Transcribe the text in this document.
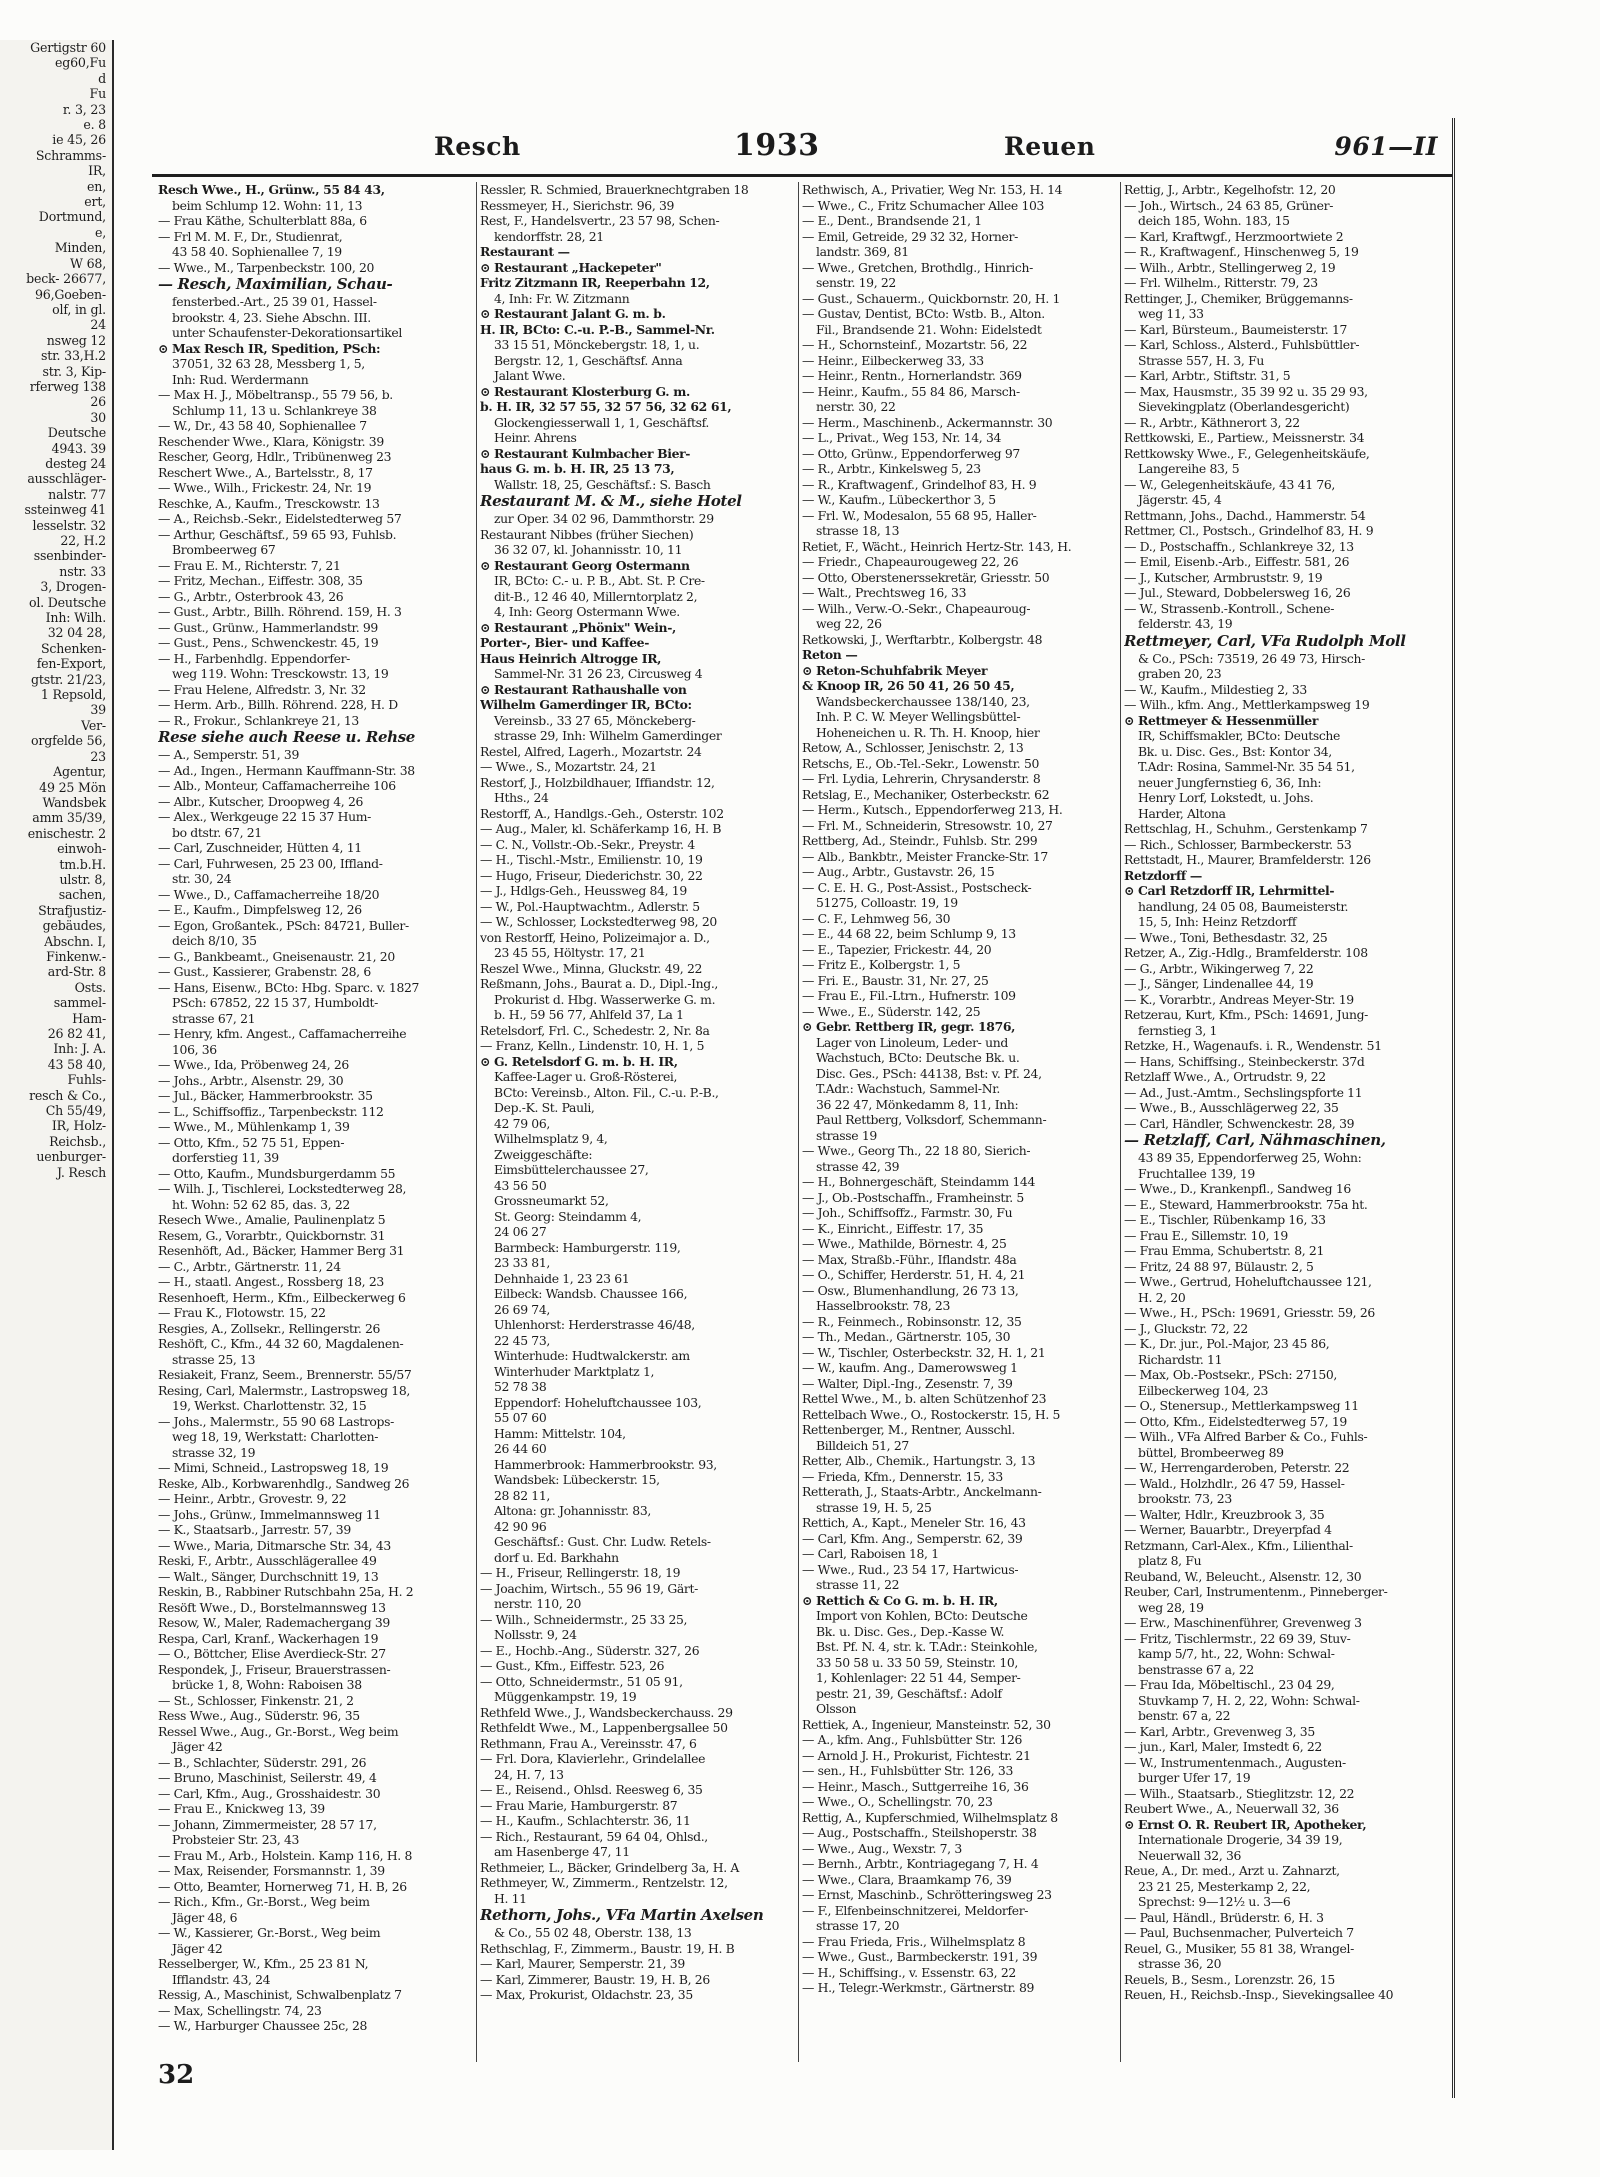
Gertigstr 60
eg60,Fu
d
Fu
r. 3, 23
e. 8
ie 45, 26
Schramms-
IR,
en,
ert,
Dortmund,
e,
Minden,
W 68,
beck- 26677,
96,Goeben-
olf, in gl.
24
nsweg 12
str. 33,H.2
str. 3, Kip-
rferweg 138
26
30
Deutsche
4943. 39
desteg 24
ausschläger-
nalstr. 77
ssteinweg 41
lesselstr. 32
22, H.2
ssenbinder-
nstr. 33
3, Drogen-
ol. Deutsche
Inh: Wilh.
32 04 28,
Schenken-
fen-Export,
gtstr. 21/23,
1 Repsold,
39
Ver-
orgfelde 56,
23
Agentur,
49 25 Mön
Wandsbek
amm 35/39,
enischestr. 2
einwoh-
tm.b.H.
ulstr. 8,
sachen,
Strafjustiz-
gebäudes,
Abschn. I,
Finkenw.-
ard-Str. 8
Osts.
sammel-
Ham-
26 82 41,
Inh: J. A.
43 58 40,
Fuhls-
resch & Co.,
Ch 55/49,
IR, Holz-
Reichsb.,
uenburger-
J. Resch
Resch	1933	Reuen	961—II
Resch Wwe., H., Grünw., 55 84 43,
beim Schlump 12. Wohn: 11, 13
— Frau Käthe, Schulterblatt 88a, 6
— Frl M. M. F., Dr., Studienrat,
43 58 40. Sophienallee 7, 19
— Wwe., M., Tarpenbeckstr. 100, 20
— Resch, Maximilian, Schau-
fensterbed.-Art., 25 39 01, Hassel-
brookstr. 4, 23. Siehe Abschn. III.
unter Schaufenster-Dekorationsartikel
⊙ Max Resch IR, Spedition, PSch:
37051, 32 63 28, Messberg 1, 5,
Inh: Rud. Werdermann
— Max H. J., Möbeltransp., 55 79 56, b.
Schlump 11, 13 u. Schlankreye 38
— W., Dr., 43 58 40, Sophienallee 7
Reschender Wwe., Klara, Königstr. 39
Rescher, Georg, Hdlr., Tribünenweg 23
Reschert Wwe., A., Bartelsstr., 8, 17
— Wwe., Wilh., Frickestr. 24, Nr. 19
Reschke, A., Kaufm., Tresckowstr. 13
— A., Reichsb.-Sekr., Eidelstedterweg 57
— Arthur, Geschäftsf., 59 65 93, Fuhlsb.
Brombeerweg 67
— Frau E. M., Richterstr. 7, 21
— Fritz, Mechan., Eiffestr. 308, 35
— G., Arbtr., Osterbrook 43, 26
— Gust., Arbtr., Billh. Röhrend. 159, H. 3
— Gust., Grünw., Hammerlandstr. 99
— Gust., Pens., Schwenckestr. 45, 19
— H., Farbenhdlg. Eppendorfer-
weg 119. Wohn: Tresckowstr. 13, 19
— Frau Helene, Alfredstr. 3, Nr. 32
— Herm. Arb., Billh. Röhrend. 228, H. D
— R., Frokur., Schlankreye 21, 13
Rese siehe auch Reese u. Rehse
— A., Semperstr. 51, 39
— Ad., Ingen., Hermann Kauffmann-Str. 38
— Alb., Monteur, Caffamacherreihe 106
— Albr., Kutscher, Droopweg 4, 26
— Alex., Werkgeuge 22 15 37 Hum-
bo dtstr. 67, 21
— Carl, Zuschneider, Hütten 4, 11
— Carl, Fuhrwesen, 25 23 00, Iffland-
str. 30, 24
— Wwe., D., Caffamacherreihe 18/20
— E., Kaufm., Dimpfelsweg 12, 26
— Egon, Großantek., PSch: 84721, Buller-
deich 8/10, 35
— G., Bankbeamt., Gneisenaustr. 21, 20
— Gust., Kassierer, Grabenstr. 28, 6
— Hans, Eisenw., BCto: Hbg. Sparc. v. 1827
PSch: 67852, 22 15 37, Humboldt-
strasse 67, 21
— Henry, kfm. Angest., Caffamacherreihe
106, 36
— Wwe., Ida, Pröbenweg 24, 26
— Johs., Arbtr., Alsenstr. 29, 30
— Jul., Bäcker, Hammerbrookstr. 35
— L., Schiffsoffiz., Tarpenbeckstr. 112
— Wwe., M., Mühlenkamp 1, 39
— Otto, Kfm., 52 75 51, Eppen-
dorferstieg 11, 39
— Otto, Kaufm., Mundsburgerdamm 55
— Wilh. J., Tischlerei, Lockstedterweg 28,
ht. Wohn: 52 62 85, das. 3, 22
Resech Wwe., Amalie, Paulinenplatz 5
Resem, G., Vorarbtr., Quickbornstr. 31
Resenhöft, Ad., Bäcker, Hammer Berg 31
— C., Arbtr., Gärtnerstr. 11, 24
— H., staatl. Angest., Rossberg 18, 23
Resenhoeft, Herm., Kfm., Eilbeckerweg 6
— Frau K., Flotowstr. 15, 22
Resgies, A., Zollsekr., Rellingerstr. 26
Reshöft, C., Kfm., 44 32 60, Magdalenen-
strasse 25, 13
Resiakeit, Franz, Seem., Brennerstr. 55/57
Resing, Carl, Malermstr., Lastropsweg 18,
19, Werkst. Charlottenstr. 32, 15
— Johs., Malermstr., 55 90 68 Lastrops-
weg 18, 19, Werkstatt: Charlotten-
strasse 32, 19
— Mimi, Schneid., Lastropsweg 18, 19
Reske, Alb., Korbwarenhdlg., Sandweg 26
— Heinr., Arbtr., Grovestr. 9, 22
— Johs., Grünw., Immelmannsweg 11
— K., Staatsarb., Jarrestr. 57, 39
— Wwe., Maria, Ditmarsche Str. 34, 43
Reski, F., Arbtr., Ausschlägerallee 49
— Walt., Sänger, Durchschnitt 19, 13
Reskin, B., Rabbiner Rutschbahn 25a, H. 2
Resöft Wwe., D., Borstelmannsweg 13
Resow, W., Maler, Rademachergang 39
Respa, Carl, Kranf., Wackerhagen 19
— O., Böttcher, Elise Averdieck-Str. 27
Respondek, J., Friseur, Brauerstrassen-
brücke 1, 8, Wohn: Raboisen 38
— St., Schlosser, Finkenstr. 21, 2
Ress Wwe., Aug., Süderstr. 96, 35
Ressel Wwe., Aug., Gr.-Borst., Weg beim
Jäger 42
— B., Schlachter, Süderstr. 291, 26
— Bruno, Maschinist, Seilerstr. 49, 4
— Carl, Kfm., Aug., Grosshaidestr. 30
— Frau E., Knickweg 13, 39
— Johann, Zimmermeister, 28 57 17,
Probsteier Str. 23, 43
— Frau M., Arb., Holstein. Kamp 116, H. 8
— Max, Reisender, Forsmannstr. 1, 39
— Otto, Beamter, Hornerweg 71, H. B, 26
— Rich., Kfm., Gr.-Borst., Weg beim
Jäger 48, 6
— W., Kassierer, Gr.-Borst., Weg beim
Jäger 42
Resselberger, W., Kfm., 25 23 81 N,
Ifflandstr. 43, 24
Ressig, A., Maschinist, Schwalbenplatz 7
— Max, Schellingstr. 74, 23
— W., Harburger Chaussee 25c, 28
Ressler, R. Schmied, Brauerknechtgraben 18
Ressmeyer, H., Sierichstr. 96, 39
Rest, F., Handelsvertr., 23 57 98, Schen-
kendorffstr. 28, 21
Restaurant —
⊙ Restaurant „Hackepeter"
Fritz Zitzmann IR, Reeperbahn 12,
4, Inh: Fr. W. Zitzmann
⊙ Restaurant Jalant G. m. b.
H. IR, BCto: C.-u. P.-B., Sammel-Nr.
33 15 51, Mönckebergstr. 18, 1, u.
Bergstr. 12, 1, Geschäftsf. Anna
Jalant Wwe.
⊙ Restaurant Klosterburg G. m.
b. H. IR, 32 57 55, 32 57 56, 32 62 61,
Glockengiesserwall 1, 1, Geschäftsf.
Heinr. Ahrens
⊙ Restaurant Kulmbacher Bier-
haus G. m. b. H. IR, 25 13 73,
Wallstr. 18, 25, Geschäftsf.: S. Basch
Restaurant M. & M., siehe Hotel
zur Oper. 34 02 96, Dammthorstr. 29
Restaurant Nibbes (früher Siechen)
36 32 07, kl. Johannisstr. 10, 11
⊙ Restaurant Georg Ostermann
IR, BCto: C.- u. P. B., Abt. St. P. Cre-
dit-B., 12 46 40, Millerntorplatz 2,
4, Inh: Georg Ostermann Wwe.
⊙ Restaurant „Phönix" Wein-,
Porter-, Bier- und Kaffee-
Haus Heinrich Altrogge IR,
Sammel-Nr. 31 26 23, Circusweg 4
⊙ Restaurant Rathaushalle von
Wilhelm Gamerdinger IR, BCto:
Vereinsb., 33 27 65, Mönckeberg-
strasse 29, Inh: Wilhelm Gamerdinger
Restel, Alfred, Lagerh., Mozartstr. 24
— Wwe., S., Mozartstr. 24, 21
Restorf, J., Holzbildhauer, Iffiandstr. 12,
Hths., 24
Restorff, A., Handlgs.-Geh., Osterstr. 102
— Aug., Maler, kl. Schäferkamp 16, H. B
— C. N., Vollstr.-Ob.-Sekr., Preystr. 4
— H., Tischl.-Mstr., Emilienstr. 10, 19
— Hugo, Friseur, Diederichstr. 30, 22
— J., Hdlgs-Geh., Heussweg 84, 19
— W., Pol.-Hauptwachtm., Adlerstr. 5
— W., Schlosser, Lockstedterweg 98, 20
von Restorff, Heino, Polizeimajor a. D.,
23 45 55, Höltystr. 17, 21
Reszel Wwe., Minna, Gluckstr. 49, 22
Reßmann, Johs., Baurat a. D., Dipl.-Ing.,
Prokurist d. Hbg. Wasserwerke G. m.
b. H., 59 56 77, Ahlfeld 37, La 1
Retelsdorf, Frl. C., Schedestr. 2, Nr. 8a
— Franz, Kelln., Lindenstr. 10, H. 1, 5
⊙ G. Retelsdorf G. m. b. H. IR,
Kaffee-Lager u. Groß-Rösterei,
BCto: Vereinsb., Alton. Fil., C.-u. P.-B.,
Dep.-K. St. Pauli,
42 79 06,
Wilhelmsplatz 9, 4,
Zweiggeschäfte:
Eimsbüttelerchaussee 27,
43 56 50
Grossneumarkt 52,
St. Georg: Steindamm 4,
24 06 27
Barmbeck: Hamburgerstr. 119,
23 33 81,
Dehnhaide 1, 23 23 61
Eilbeck: Wandsb. Chaussee 166,
26 69 74,
Uhlenhorst: Herderstrasse 46/48,
22 45 73,
Winterhude: Hudtwalckerstr. am
Winterhuder Marktplatz 1,
52 78 38
Eppendorf: Hoheluftchaussee 103,
55 07 60
Hamm: Mittelstr. 104,
26 44 60
Hammerbrook: Hammerbrookstr. 93,
Wandsbek: Lübeckerstr. 15,
28 82 11,
Altona: gr. Johannisstr. 83,
42 90 96
Geschäftsf.: Gust. Chr. Ludw. Retels-
dorf u. Ed. Barkhahn
— H., Friseur, Rellingerstr. 18, 19
— Joachim, Wirtsch., 55 96 19, Gärt-
nerstr. 110, 20
— Wilh., Schneidermstr., 25 33 25,
Nollsstr. 9, 24
— E., Hochb.-Ang., Süderstr. 327, 26
— Gust., Kfm., Eiffestr. 523, 26
— Otto, Schneidermstr., 51 05 91,
Müggenkampstr. 19, 19
Rethfeld Wwe., J., Wandsbeckerchauss. 29
Rethfeldt Wwe., M., Lappenbergsallee 50
Rethmann, Frau A., Vereinsstr. 47, 6
— Frl. Dora, Klavierlehr., Grindelallee
24, H. 7, 13
— E., Reisend., Ohlsd. Reesweg 6, 35
— Frau Marie, Hamburgerstr. 87
— H., Kaufm., Schlachterstr. 36, 11
— Rich., Restaurant, 59 64 04, Ohlsd.,
am Hasenberge 47, 11
Rethmeier, L., Bäcker, Grindelberg 3a, H. A
Rethmeyer, W., Zimmerm., Rentzelstr. 12,
H. 11
Rethorn, Johs., VFa Martin Axelsen
& Co., 55 02 48, Oberstr. 138, 13
Rethschlag, F., Zimmerm., Baustr. 19, H. B
— Karl, Maurer, Semperstr. 21, 39
— Karl, Zimmerer, Baustr. 19, H. B, 26
— Max, Prokurist, Oldachstr. 23, 35
Rethwisch, A., Privatier, Weg Nr. 153, H. 14
— Wwe., C., Fritz Schumacher Allee 103
— E., Dent., Brandsende 21, 1
— Emil, Getreide, 29 32 32, Horner-
landstr. 369, 81
— Wwe., Gretchen, Brothdlg., Hinrich-
senstr. 19, 22
— Gust., Schauerm., Quickbornstr. 20, H. 1
— Gustav, Dentist, BCto: Wstb. B., Alton.
Fil., Brandsende 21. Wohn: Eidelstedt
— H., Schornsteinf., Mozartstr. 56, 22
— Heinr., Eilbeckerweg 33, 33
— Heinr., Rentn., Hornerlandstr. 369
— Heinr., Kaufm., 55 84 86, Marsch-
nerstr. 30, 22
— Herm., Maschinenb., Ackermannstr. 30
— L., Privat., Weg 153, Nr. 14, 34
— Otto, Grünw., Eppendorferweg 97
— R., Arbtr., Kinkelsweg 5, 23
— R., Kraftwagenf., Grindelhof 83, H. 9
— W., Kaufm., Lübeckerthor 3, 5
— Frl. W., Modesalon, 55 68 95, Haller-
strasse 18, 13
Retiet, F., Wächt., Heinrich Hertz-Str. 143, H.
— Friedr., Chapeaurougeweg 22, 26
— Otto, Oberstenerssekretär, Griesstr. 50
— Walt., Prechtsweg 16, 33
— Wilh., Verw.-O.-Sekr., Chapeauroug-
weg 22, 26
Retkowski, J., Werftarbtr., Kolbergstr. 48
Reton —
⊙ Reton-Schuhfabrik Meyer
& Knoop IR, 26 50 41, 26 50 45,
Wandsbeckerchaussee 138/140, 23,
Inh. P. C. W. Meyer Wellingsbüttel-
Hoheneichen u. R. Th. H. Knoop, hier
Retow, A., Schlosser, Jenischstr. 2, 13
Retschs, E., Ob.-Tel.-Sekr., Lowenstr. 50
— Frl. Lydia, Lehrerin, Chrysanderstr. 8
Retslag, E., Mechaniker, Osterbeckstr. 62
— Herm., Kutsch., Eppendorferweg 213, H.
— Frl. M., Schneiderin, Stresowstr. 10, 27
Rettberg, Ad., Steindr., Fuhlsb. Str. 299
— Alb., Bankbtr., Meister Francke-Str. 17
— Aug., Arbtr., Gustavstr. 26, 15
— C. E. H. G., Post-Assist., Postscheck-
51275, Colloastr. 19, 19
— C. F., Lehmweg 56, 30
— E., 44 68 22, beim Schlump 9, 13
— E., Tapezier, Frickestr. 44, 20
— Fritz E., Kolbergstr. 1, 5
— Fri. E., Baustr. 31, Nr. 27, 25
— Frau E., Fil.-Ltrn., Hufnerstr. 109
— Wwe., E., Süderstr. 142, 25
⊙ Gebr. Rettberg IR, gegr. 1876,
Lager von Linoleum, Leder- und
Wachstuch, BCto: Deutsche Bk. u.
Disc. Ges., PSch: 44138, Bst: v. Pf. 24,
T.Adr.: Wachstuch, Sammel-Nr.
36 22 47, Mönkedamm 8, 11, Inh:
Paul Rettberg, Volksdorf, Schemmann-
strasse 19
— Wwe., Georg Th., 22 18 80, Sierich-
strasse 42, 39
— H., Bohnergeschäft, Steindamm 144
— J., Ob.-Postschaffn., Framheinstr. 5
— Joh., Schiffsoffz., Farmstr. 30, Fu
— K., Einricht., Eiffestr. 17, 35
— Wwe., Mathilde, Börnestr. 4, 25
— Max, Straßb.-Führ., Iflandstr. 48a
— O., Schiffer, Herderstr. 51, H. 4, 21
— Osw., Blumenhandlung, 26 73 13,
Hasselbrookstr. 78, 23
— R., Feinmech., Robinsonstr. 12, 35
— Th., Medan., Gärtnerstr. 105, 30
— W., Tischler, Osterbeckstr. 32, H. 1, 21
— W., kaufm. Ang., Damerowsweg 1
— Walter, Dipl.-Ing., Zesenstr. 7, 39
Rettel Wwe., M., b. alten Schützenhof 23
Rettelbach Wwe., O., Rostockerstr. 15, H. 5
Rettenberger, M., Rentner, Ausschl.
Billdeich 51, 27
Retter, Alb., Chemik., Hartungstr. 3, 13
— Frieda, Kfm., Dennerstr. 15, 33
Retterath, J., Staats-Arbtr., Anckelmann-
strasse 19, H. 5, 25
Rettich, A., Kapt., Meneler Str. 16, 43
— Carl, Kfm. Ang., Semperstr. 62, 39
— Carl, Raboisen 18, 1
— Wwe., Rud., 23 54 17, Hartwicus-
strasse 11, 22
⊙ Rettich & Co G. m. b. H. IR,
Import von Kohlen, BCto: Deutsche
Bk. u. Disc. Ges., Dep.-Kasse W.
Bst. Pf. N. 4, str. k. T.Adr.: Steinkohle,
33 50 58 u. 33 50 59, Steinstr. 10,
1, Kohlenlager: 22 51 44, Semper-
pestr. 21, 39, Geschäftsf.: Adolf
Olsson
Rettiek, A., Ingenieur, Mansteinstr. 52, 30
— A., kfm. Ang., Fuhlsbütter Str. 126
— Arnold J. H., Prokurist, Fichtestr. 21
— sen., H., Fuhlsbütter Str. 126, 33
— Heinr., Masch., Suttgerreihe 16, 36
— Wwe., O., Schellingstr. 70, 23
Rettig, A., Kupferschmied, Wilhelmsplatz 8
— Aug., Postschaffn., Steilshoperstr. 38
— Wwe., Aug., Wexstr. 7, 3
— Bernh., Arbtr., Kontriagegang 7, H. 4
— Wwe., Clara, Braamkamp 76, 39
— Ernst, Maschinb., Schrötteringsweg 23
— F., Elfenbeinschnitzerei, Meldorfer-
strasse 17, 20
— Frau Frieda, Fris., Wilhelmsplatz 8
— Wwe., Gust., Barmbeckerstr. 191, 39
— H., Schiffsing., v. Essenstr. 63, 22
— H., Telegr.-Werkmstr., Gärtnerstr. 89
Rettig, J., Arbtr., Kegelhofstr. 12, 20
— Joh., Wirtsch., 24 63 85, Grüner-
deich 185, Wohn. 183, 15
— Karl, Kraftwgf., Herzmoortwiete 2
— R., Kraftwagenf., Hinschenweg 5, 19
— Wilh., Arbtr., Stellingerweg 2, 19
— Frl. Wilhelm., Ritterstr. 79, 23
Rettinger, J., Chemiker, Brüggemanns-
weg 11, 33
— Karl, Bürsteum., Baumeisterstr. 17
— Karl, Schloss., Alsterd., Fuhlsbüttler-
Strasse 557, H. 3, Fu
— Karl, Arbtr., Stiftstr. 31, 5
— Max, Hausmstr., 35 39 92 u. 35 29 93,
Sievekingplatz (Oberlandesgericht)
— R., Arbtr., Käthnerort 3, 22
Rettkowski, E., Partiew., Meissnerstr. 34
Rettkowsky Wwe., F., Gelegenheitskäufe,
Langereihe 83, 5
— W., Gelegenheitskäufe, 43 41 76,
Jägerstr. 45, 4
Rettmann, Johs., Dachd., Hammerstr. 54
Rettmer, Cl., Postsch., Grindelhof 83, H. 9
— D., Postschaffn., Schlankreye 32, 13
— Emil, Eisenb.-Arb., Eiffestr. 581, 26
— J., Kutscher, Armbruststr. 9, 19
— Jul., Steward, Dobbelersweg 16, 26
— W., Strassenb.-Kontroll., Schene-
felderstr. 43, 19
Rettmeyer, Carl, VFa Rudolph Moll
& Co., PSch: 73519, 26 49 73, Hirsch-
graben 20, 23
— W., Kaufm., Mildestieg 2, 33
— Wilh., kfm. Ang., Mettlerkampsweg 19
⊙ Rettmeyer & Hessenmüller
IR, Schiffsmakler, BCto: Deutsche
Bk. u. Disc. Ges., Bst: Kontor 34,
T.Adr: Rosina, Sammel-Nr. 35 54 51,
neuer Jungfernstieg 6, 36, Inh:
Henry Lorf, Lokstedt, u. Johs.
Harder, Altona
Rettschlag, H., Schuhm., Gerstenkamp 7
— Rich., Schlosser, Barmbeckerstr. 53
Rettstadt, H., Maurer, Bramfelderstr. 126
Retzdorff —
⊙ Carl Retzdorff IR, Lehrmittel-
handlung, 24 05 08, Baumeisterstr.
15, 5, Inh: Heinz Retzdorff
— Wwe., Toni, Bethesdastr. 32, 25
Retzer, A., Zig.-Hdlg., Bramfelderstr. 108
— G., Arbtr., Wikingerweg 7, 22
— J., Sänger, Lindenallee 44, 19
— K., Vorarbtr., Andreas Meyer-Str. 19
Retzerau, Kurt, Kfm., PSch: 14691, Jung-
fernstieg 3, 1
Retzke, H., Wagenaufs. i. R., Wendenstr. 51
— Hans, Schiffsing., Steinbeckerstr. 37d
Retzlaff Wwe., A., Ortrudstr. 9, 22
— Ad., Just.-Amtm., Sechslingspforte 11
— Wwe., B., Ausschlägerweg 22, 35
— Carl, Händler, Schwenckestr. 28, 39
— Retzlaff, Carl, Nähmaschinen,
43 89 35, Eppendorferweg 25, Wohn:
Fruchtallee 139, 19
— Wwe., D., Krankenpfl., Sandweg 16
— E., Steward, Hammerbrookstr. 75a ht.
— E., Tischler, Rübenkamp 16, 33
— Frau E., Sillemstr. 10, 19
— Frau Emma, Schubertstr. 8, 21
— Fritz, 24 88 97, Bülaustr. 2, 5
— Wwe., Gertrud, Hoheluftchaussee 121,
H. 2, 20
— Wwe., H., PSch: 19691, Griesstr. 59, 26
— J., Gluckstr. 72, 22
— K., Dr. jur., Pol.-Major, 23 45 86,
Richardstr. 11
— Max, Ob.-Postsekr., PSch: 27150,
Eilbeckerweg 104, 23
— O., Stenersup., Mettlerkampsweg 11
— Otto, Kfm., Eidelstedterweg 57, 19
— Wilh., VFa Alfred Barber & Co., Fuhls-
büttel, Brombeerweg 89
— W., Herrengarderoben, Peterstr. 22
— Wald., Holzhdlr., 26 47 59, Hassel-
brookstr. 73, 23
— Walter, Hdlr., Kreuzbrook 3, 35
— Werner, Bauarbtr., Dreyerpfad 4
Retzmann, Carl-Alex., Kfm., Lilienthal-
platz 8, Fu
Reuband, W., Beleucht., Alsenstr. 12, 30
Reuber, Carl, Instrumentenm., Pinneberger-
weg 28, 19
— Erw., Maschinenführer, Grevenweg 3
— Fritz, Tischlermstr., 22 69 39, Stuv-
kamp 5/7, ht., 22, Wohn: Schwal-
benstrasse 67 a, 22
— Frau Ida, Möbeltischl., 23 04 29,
Stuvkamp 7, H. 2, 22, Wohn: Schwal-
benstr. 67 a, 22
— Karl, Arbtr., Grevenweg 3, 35
— jun., Karl, Maler, Imstedt 6, 22
— W., Instrumentenmach., Augusten-
burger Ufer 17, 19
— Wilh., Staatsarb., Stieglitzstr. 12, 22
Reubert Wwe., A., Neuerwall 32, 36
⊙ Ernst O. R. Reubert IR, Apotheker,
Internationale Drogerie, 34 39 19,
Neuerwall 32, 36
Reue, A., Dr. med., Arzt u. Zahnarzt,
23 21 25, Mesterkamp 2, 22,
Sprechst: 9—12½ u. 3—6
— Paul, Händl., Brüderstr. 6, H. 3
— Paul, Buchsenmacher, Pulverteich 7
Reuel, G., Musiker, 55 81 38, Wrangel-
strasse 36, 20
Reuels, B., Sesm., Lorenzstr. 26, 15
Reuen, H., Reichsb.-Insp., Sievekingsallee 40
32
